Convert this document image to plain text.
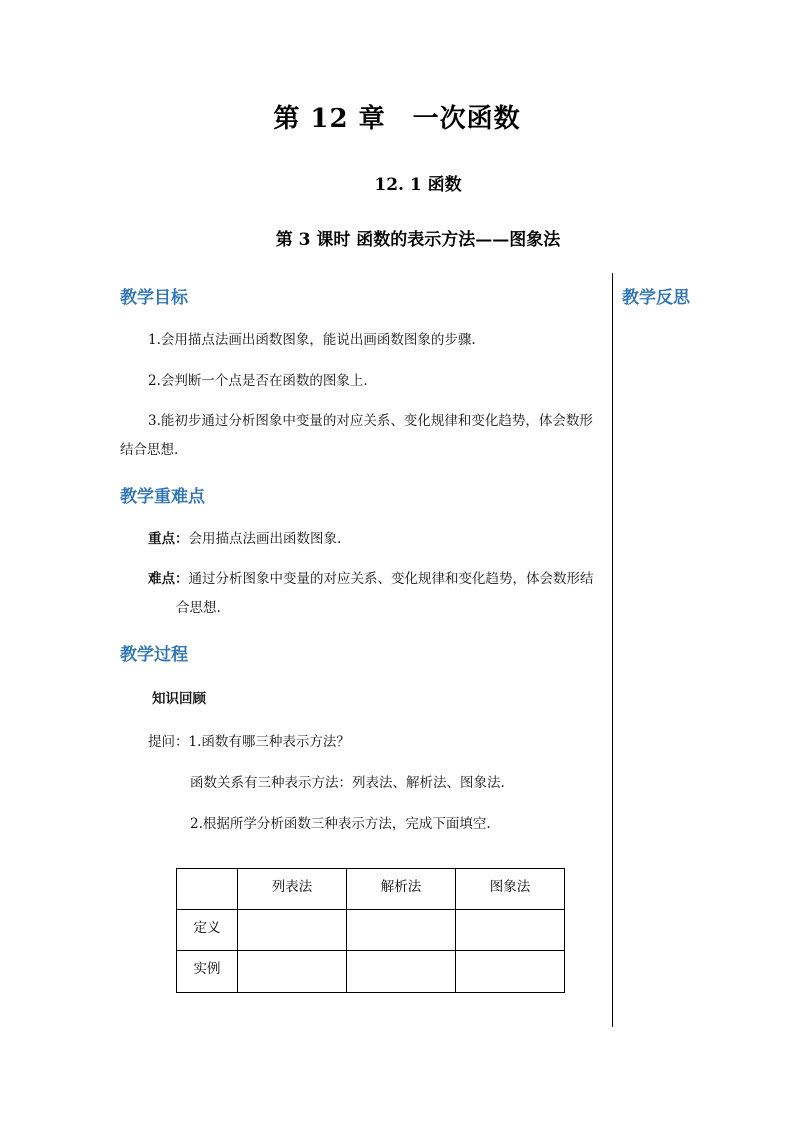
第 12 章　一次函数
12. 1 函数
第 3 课时 函数的表示方法——图象法
教学反思
教学目标
1.会用描点法画出函数图象，能说出画函数图象的步骤.
2.会判断一个点是否在函数的图象上.
3.能初步通过分析图象中变量的对应关系、变化规律和变化趋势，体会数形
结合思想.
教学重难点
重点：会用描点法画出函数图象.
难点：通过分析图象中变量的对应关系、变化规律和变化趋势，体会数形结
合思想.
教学过程
知识回顾
提问：1.函数有哪三种表示方法？
函数关系有三种表示方法：列表法、解析法、图象法.
2.根据所学分析函数三种表示方法，完成下面填空.
	列表法	解析法	图象法
定义			
实例			
